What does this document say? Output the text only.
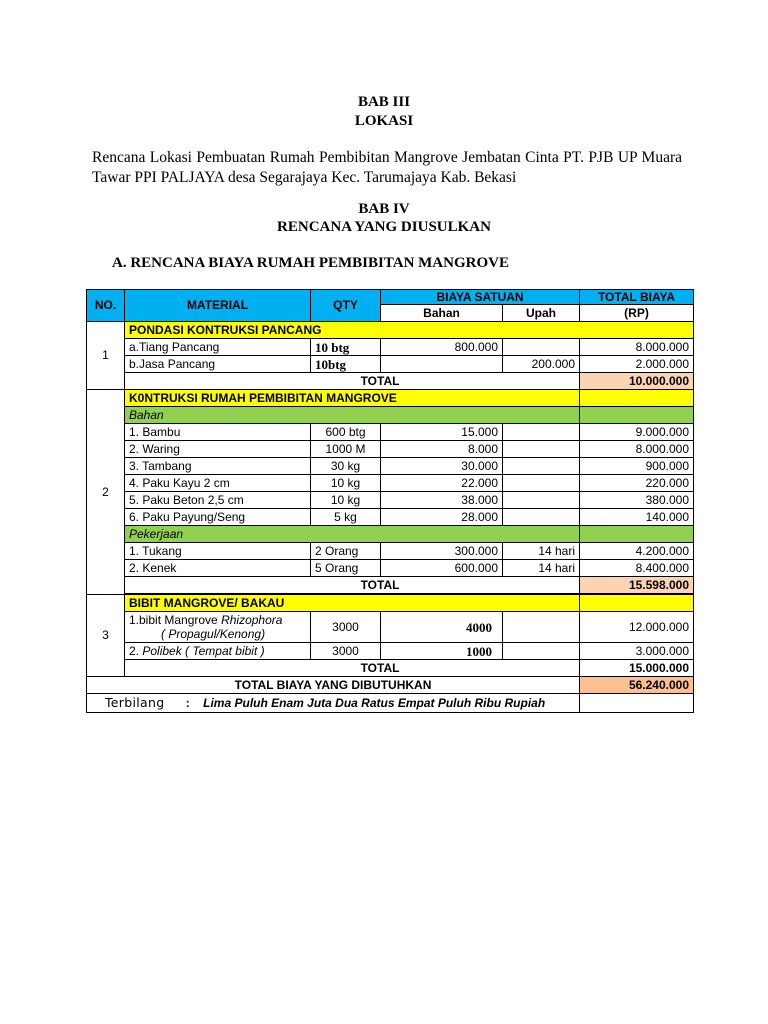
BAB III
LOKASI
Rencana Lokasi Pembuatan Rumah Pembibitan Mangrove Jembatan Cinta PT. PJB UP Muara Tawar PPI PALJAYA desa Segarajaya Kec. Tarumajaya Kab. Bekasi
BAB IV
RENCANA YANG DIUSULKAN
A. RENCANA BIAYA RUMAH PEMBIBITAN MANGROVE
NO.	MATERIAL	QTY	BIAYA SATUAN		TOTAL BIAYA
			Bahan	Upah	(RP)
1	PONDASI KONTRUKSI PANCANG				
	a.Tiang Pancang	10 btg	800.000		8.000.000
	b.Jasa Pancang	10btg		200.000	2.000.000
	TOTAL				10.000.000
2	K0NTRUKSI RUMAH PEMBIBITAN MANGROVE				
	Bahan				
	1. Bambu	600 btg	15.000		9.000.000
	2. Waring	1000 M	8.000		8.000.000
	3. Tambang	30 kg	30.000		900.000
	4. Paku Kayu 2 cm	10 kg	22.000		220.000
	5. Paku Beton 2,5 cm	10 kg	38.000		380.000
	6. Paku Payung/Seng	5 kg	28.000		140.000
	Pekerjaan				
	1. Tukang	2 Orang	300.000	14 hari	4.200.000
	2. Kenek	5 Orang	600.000	14 hari	8.400.000
	TOTAL				15.598.000

3	BIBIT MANGROVE/ BAKAU				
	1.bibit Mangrove Rhizophora
( Propagul/Kenong)	3000	4000		12.000.000
	2. Polibek ( Tempat bibit )	3000	1000		3.000.000
	TOTAL				15.000.000
TOTAL BIAYA YANG DIBUTUHKAN					56.240.000
Terbilang : Lima Puluh Enam Juta Dua Ratus Empat Puluh Ribu Rupiah					
